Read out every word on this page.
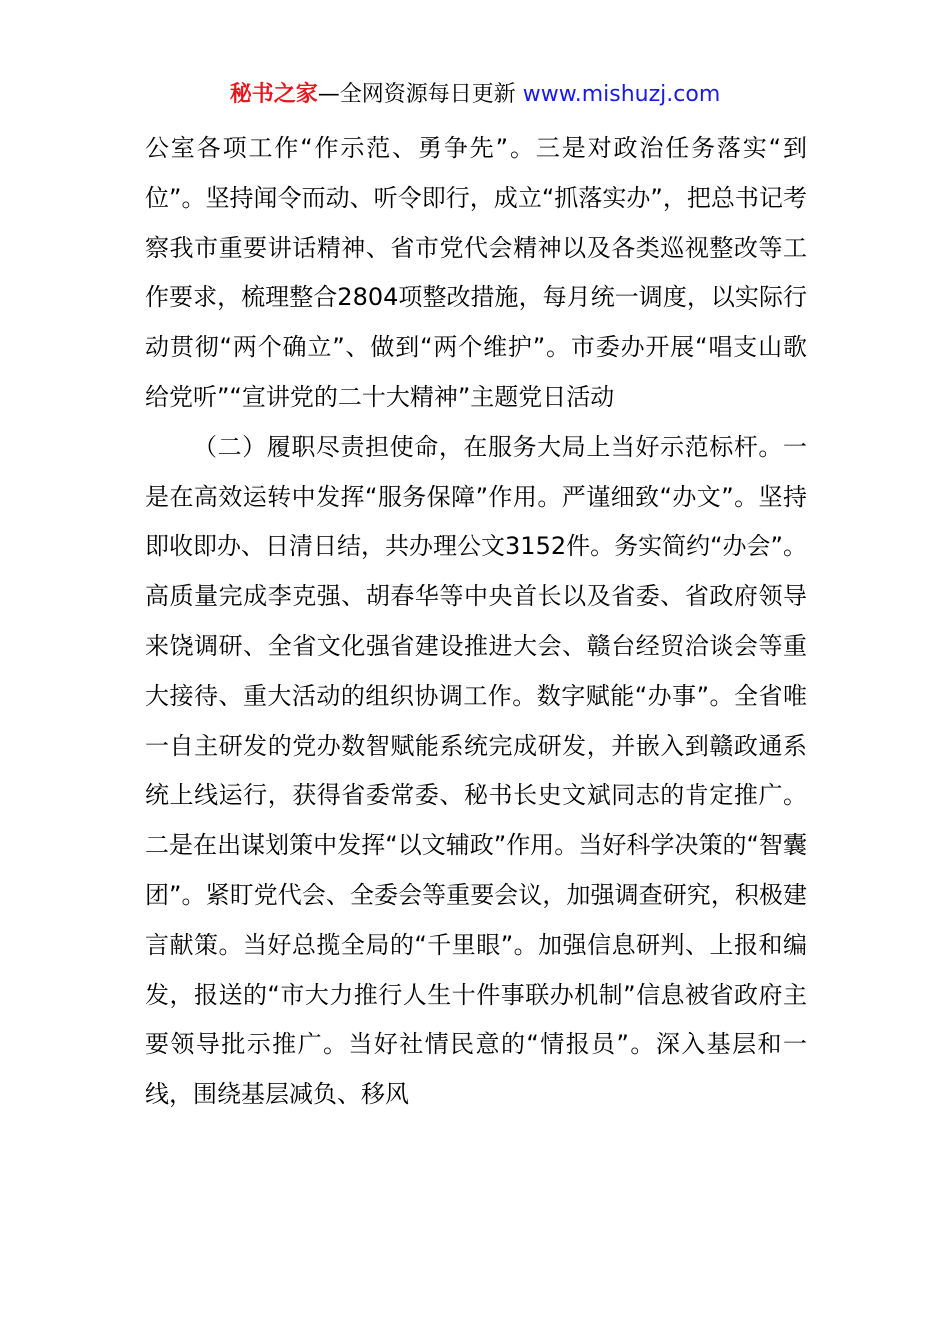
秘书之家—全网资源每日更新 www.mishuzj.com

公室各项工作“作示范、勇争先”。三是对政治任务落实“到位”。坚持闻令而动、听令即行，成立“抓落实办”，把总书记考察我市重要讲话精神、省市党代会精神以及各类巡视整改等工作要求，梳理整合2804项整改措施，每月统一调度，以实际行动贯彻“两个确立”、做到“两个维护”。市委办开展“唱支山歌给党听”“宣讲党的二十大精神”主题党日活动

（二）履职尽责担使命，在服务大局上当好示范标杆。一是在高效运转中发挥“服务保障”作用。严谨细致“办文”。坚持即收即办、日清日结，共办理公文3152件。务实简约“办会”。高质量完成李克强、胡春华等中央首长以及省委、省政府领导来饶调研、全省文化强省建设推进大会、赣台经贸洽谈会等重大接待、重大活动的组织协调工作。数字赋能“办事”。全省唯一自主研发的党办数智赋能系统完成研发，并嵌入到赣政通系统上线运行，获得省委常委、秘书长史文斌同志的肯定推广。二是在出谋划策中发挥“以文辅政”作用。当好科学决策的“智囊团”。紧盯党代会、全委会等重要会议，加强调查研究，积极建言献策。当好总揽全局的“千里眼”。加强信息研判、上报和编发，报送的“市大力推行人生十件事联办机制”信息被省政府主要领导批示推广。当好社情民意的“情报员”。深入基层和一线，围绕基层减负、移风
